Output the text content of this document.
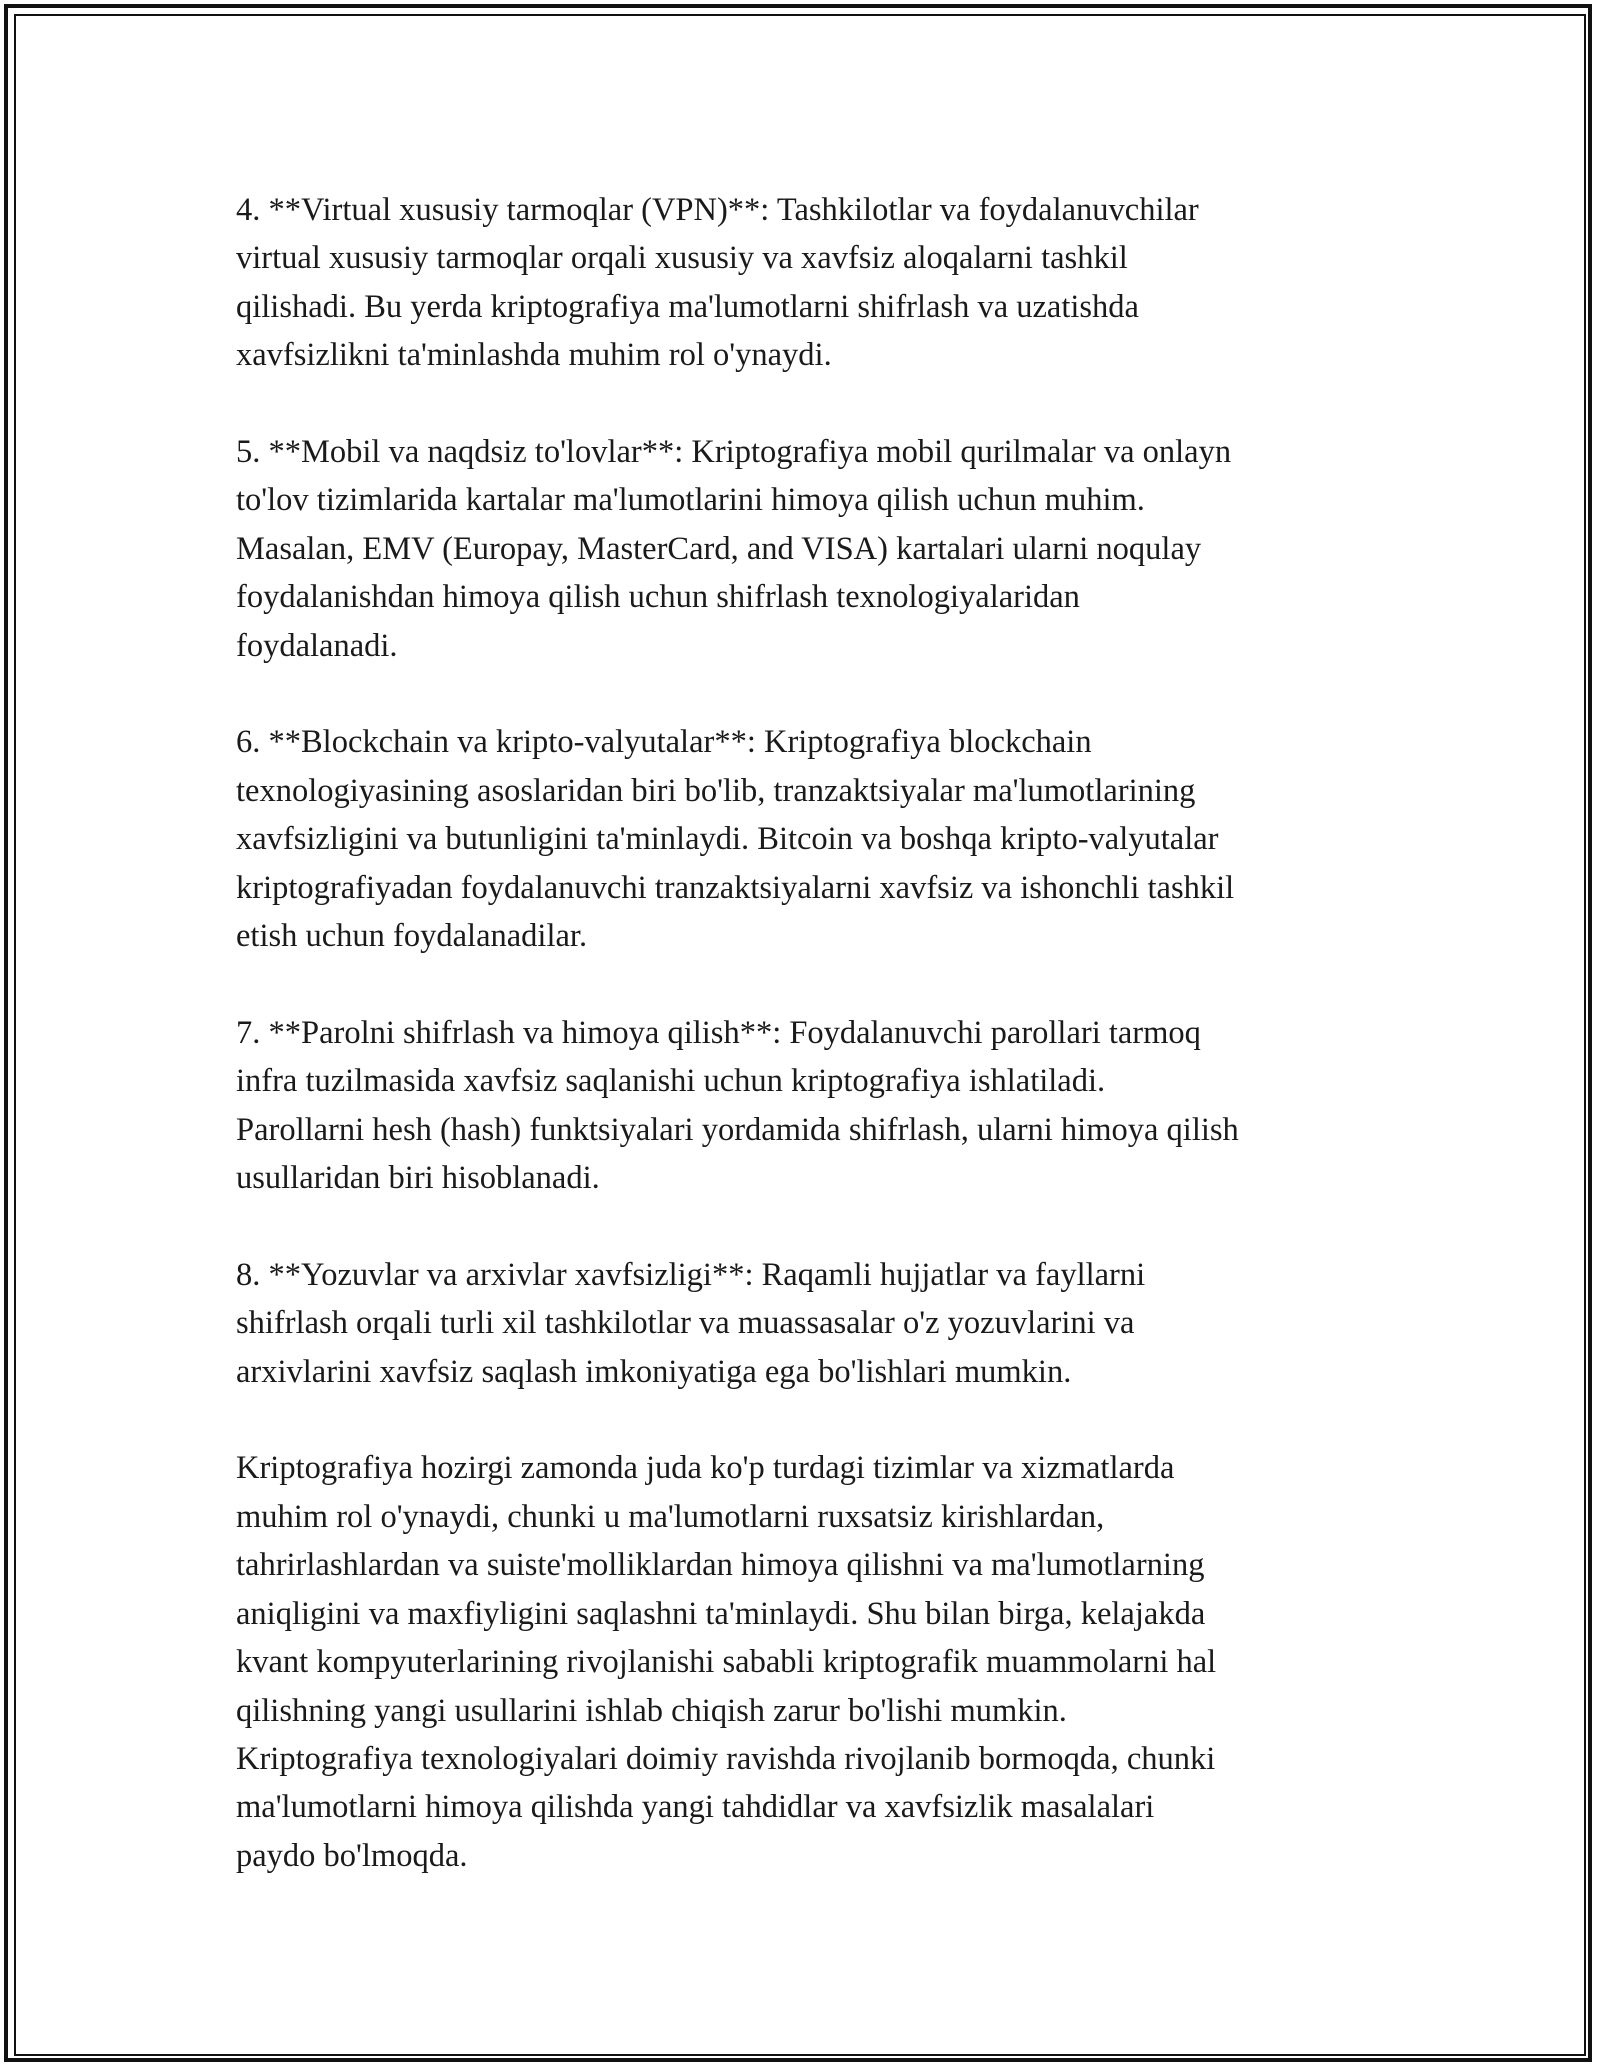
4. **Virtual xususiy tarmoqlar (VPN)**: Tashkilotlar va foydalanuvchilar
virtual xususiy tarmoqlar orqali xususiy va xavfsiz aloqalarni tashkil
qilishadi. Bu yerda kriptografiya ma'lumotlarni shifrlash va uzatishda
xavfsizlikni ta'minlashda muhim rol o'ynaydi.

5. **Mobil va naqdsiz to'lovlar**: Kriptografiya mobil qurilmalar va onlayn
to'lov tizimlarida kartalar ma'lumotlarini himoya qilish uchun muhim.
Masalan, EMV (Europay, MasterCard, and VISA) kartalari ularni noqulay
foydalanishdan himoya qilish uchun shifrlash texnologiyalaridan
foydalanadi.

6. **Blockchain va kripto-valyutalar**: Kriptografiya blockchain
texnologiyasining asoslaridan biri bo'lib, tranzaktsiyalar ma'lumotlarining
xavfsizligini va butunligini ta'minlaydi. Bitcoin va boshqa kripto-valyutalar
kriptografiyadan foydalanuvchi tranzaktsiyalarni xavfsiz va ishonchli tashkil
etish uchun foydalanadilar.

7. **Parolni shifrlash va himoya qilish**: Foydalanuvchi parollari tarmoq
infra tuzilmasida xavfsiz saqlanishi uchun kriptografiya ishlatiladi.
Parollarni hesh (hash) funktsiyalari yordamida shifrlash, ularni himoya qilish
usullaridan biri hisoblanadi.

8. **Yozuvlar va arxivlar xavfsizligi**: Raqamli hujjatlar va fayllarni
shifrlash orqali turli xil tashkilotlar va muassasalar o'z yozuvlarini va
arxivlarini xavfsiz saqlash imkoniyatiga ega bo'lishlari mumkin.

Kriptografiya hozirgi zamonda juda ko'p turdagi tizimlar va xizmatlarda
muhim rol o'ynaydi, chunki u ma'lumotlarni ruxsatsiz kirishlardan,
tahrirlashlardan va suiste'molliklardan himoya qilishni va ma'lumotlarning
aniqligini va maxfiyligini saqlashni ta'minlaydi. Shu bilan birga, kelajakda
kvant kompyuterlarining rivojlanishi sababli kriptografik muammolarni hal
qilishning yangi usullarini ishlab chiqish zarur bo'lishi mumkin.
Kriptografiya texnologiyalari doimiy ravishda rivojlanib bormoqda, chunki
ma'lumotlarni himoya qilishda yangi tahdidlar va xavfsizlik masalalari
paydo bo'lmoqda.
